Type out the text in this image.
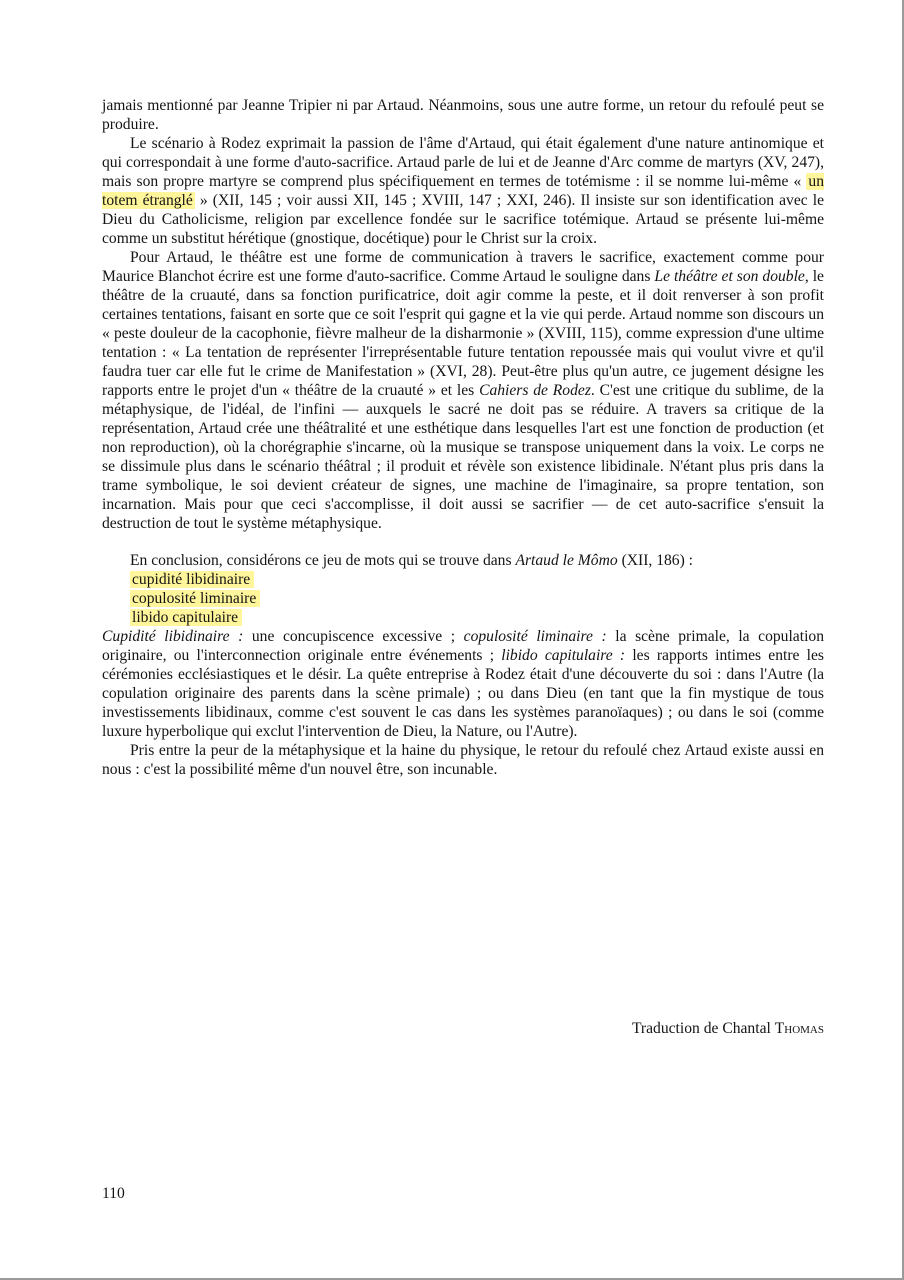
jamais mentionné par Jeanne Tripier ni par Artaud. Néanmoins, sous une autre forme, un retour du refoulé peut se produire.

Le scénario à Rodez exprimait la passion de l'âme d'Artaud, qui était également d'une nature antinomique et qui correspondait à une forme d'auto-sacrifice. Artaud parle de lui et de Jeanne d'Arc comme de martyrs (XV, 247), mais son propre martyre se comprend plus spécifiquement en termes de totémisme : il se nomme lui-même « un totem étranglé » (XII, 145 ; voir aussi XII, 145 ; XVIII, 147 ; XXI, 246). Il insiste sur son identification avec le Dieu du Catholicisme, religion par excellence fondée sur le sacrifice totémique. Artaud se présente lui-même comme un substitut hérétique (gnostique, docétique) pour le Christ sur la croix.

Pour Artaud, le théâtre est une forme de communication à travers le sacrifice, exactement comme pour Maurice Blanchot écrire est une forme d'auto-sacrifice. Comme Artaud le souligne dans Le théâtre et son double, le théâtre de la cruauté, dans sa fonction purificatrice, doit agir comme la peste, et il doit renverser à son profit certaines tentations, faisant en sorte que ce soit l'esprit qui gagne et la vie qui perde. Artaud nomme son discours un « peste douleur de la cacophonie, fièvre malheur de la disharmonie » (XVIII, 115), comme expression d'une ultime tentation : « La tentation de représenter l'irreprésentable future tentation repoussée mais qui voulut vivre et qu'il faudra tuer car elle fut le crime de Manifestation » (XVI, 28). Peut-être plus qu'un autre, ce jugement désigne les rapports entre le projet d'un « théâtre de la cruauté » et les Cahiers de Rodez. C'est une critique du sublime, de la métaphysique, de l'idéal, de l'infini — auxquels le sacré ne doit pas se réduire. A travers sa critique de la représentation, Artaud crée une théâtralité et une esthétique dans lesquelles l'art est une fonction de production (et non reproduction), où la chorégraphie s'incarne, où la musique se transpose uniquement dans la voix. Le corps ne se dissimule plus dans le scénario théâtral ; il produit et révèle son existence libidinale. N'étant plus pris dans la trame symbolique, le soi devient créateur de signes, une machine de l'imaginaire, sa propre tentation, son incarnation. Mais pour que ceci s'accomplisse, il doit aussi se sacrifier — de cet auto-sacrifice s'ensuit la destruction de tout le système métaphysique.

En conclusion, considérons ce jeu de mots qui se trouve dans Artaud le Mômo (XII, 186) :

cupidité libidinaire
copulosité liminaire
libido capitulaire

Cupidité libidinaire : une concupiscence excessive ; copulosité liminaire : la scène primale, la copulation originaire, ou l'interconnection originale entre événements ; libido capitulaire : les rapports intimes entre les cérémonies ecclésiastiques et le désir. La quête entreprise à Rodez était d'une découverte du soi : dans l'Autre (la copulation originaire des parents dans la scène primale) ; ou dans Dieu (en tant que la fin mystique de tous investissements libidinaux, comme c'est souvent le cas dans les systèmes paranoïaques) ; ou dans le soi (comme luxure hyperbolique qui exclut l'intervention de Dieu, la Nature, ou l'Autre).

Pris entre la peur de la métaphysique et la haine du physique, le retour du refoulé chez Artaud existe aussi en nous : c'est la possibilité même d'un nouvel être, son incunable.

Traduction de Chantal Thomas
110
